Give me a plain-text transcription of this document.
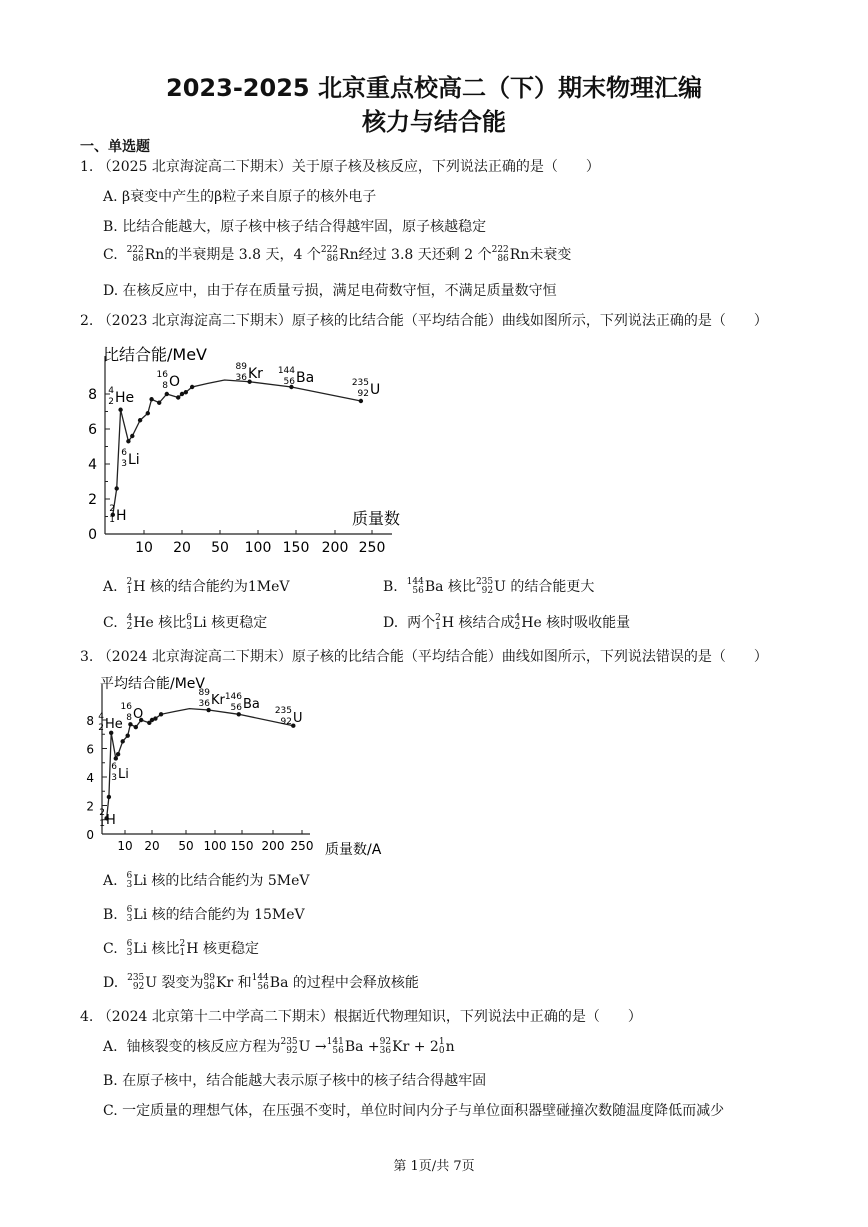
2023-2025 北京重点校高二（下）期末物理汇编
核力与结合能
一、单选题
1. （2025 北京海淀高二下期末）关于原子核及核反应，下列说法正确的是（　　）
A. β衰变中产生的β粒子来自原子的核外电子
B. 比结合能越大，原子核中核子结合得越牢固，原子核越稳定
C. 222
86 Rn的半衰期是 3.8 天，4 个 222
86 Rn经过 3.8 天还剩 2 个 222
86 Rn未衰变
D. 在核反应中，由于存在质量亏损，满足电荷数守恒，不满足质量数守恒
2. （2023 北京海淀高二下期末）原子核的比结合能（平均结合能）曲线如图所示，下列说法正确的是（　　）
0
2
4
6
8
10 20 50 100 150 200 250
比结合能/MeV
质量数
2
1 H
4
2 He
6
3 Li
16
8 O
89
36 Kr 144
56 Ba	235
92 U
A. 2
1 H 核的结合能约为1MeV	B. 144
56 Ba 核比 235
92 U 的结合能更大
C. 4
2 He 核比 6
3 Li 核更稳定	D. 两个 2
1 H 核结合成 4
2 He 核时吸收能量
3. （2024 北京海淀高二下期末）原子核的比结合能（平均结合能）曲线如图所示，下列说法错误的是（　　）
0
2
4
6
8
10 20 50 100 150 200 250
平均结合能/MeV
质量数/A
2
1 H
4
2 He
6
3 Li
16
8 O
89
36 Kr 146
56 Ba 235
92 U
A. 6
3 Li 核的比结合能约为 5MeV
B. 6
3 Li 核的结合能约为 15MeV
C. 6
3 Li 核比 2
1 H 核更稳定
D. 235
92 U 裂变为 89
36 Kr 和 144
56 Ba 的过程中会释放核能
4. （2024 北京第十二中学高二下期末）根据近代物理知识，下列说法中正确的是（　　）
A. 铀核裂变的核反应方程为 235
92 U → 141
56 Ba + 92
36 Kr + 2 1
0 n
B. 在原子核中，结合能越大表示原子核中的核子结合得越牢固
C. 一定质量的理想气体，在压强不变时，单位时间内分子与单位面积器壁碰撞次数随温度降低而减少
第 1页/共 7页
